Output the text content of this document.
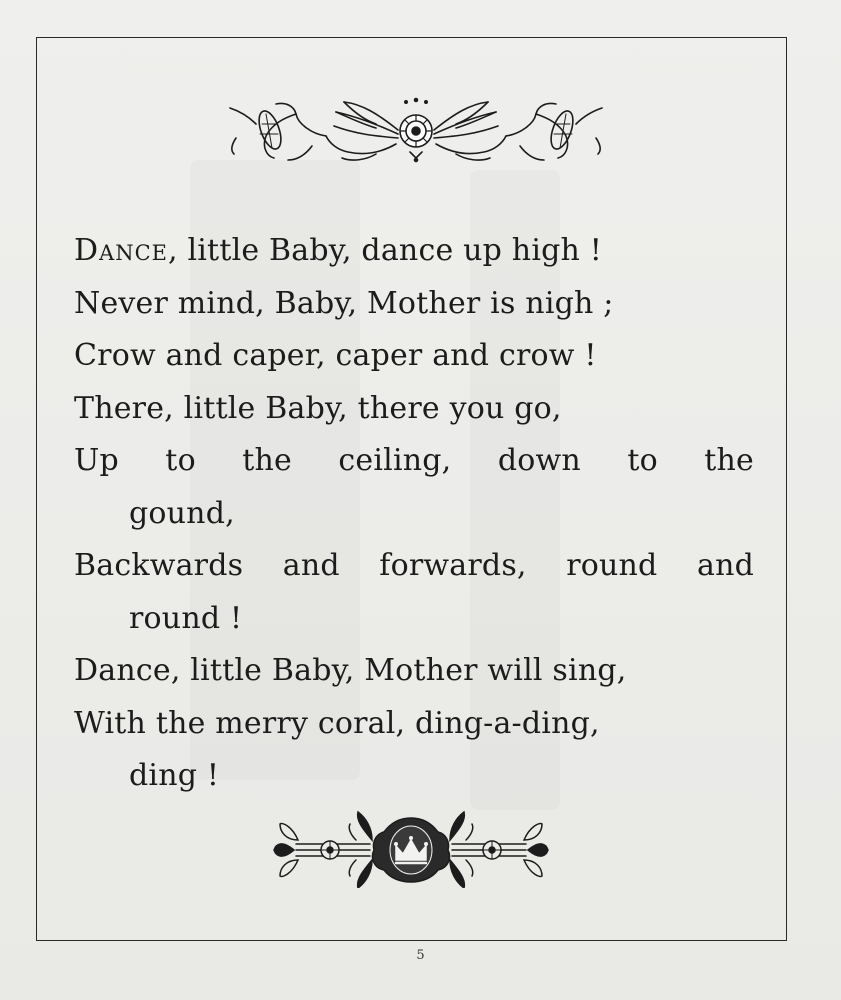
Dance, little Baby, dance up high !
Never mind, Baby, Mother is nigh ;
Crow and caper, caper and crow !
There, little Baby, there you go,
Up to the ceiling, down to the
gound,
Backwards and forwards, round and
round !
Dance, little Baby, Mother will sing,
With the merry coral, ding-a-ding,
ding !
5
